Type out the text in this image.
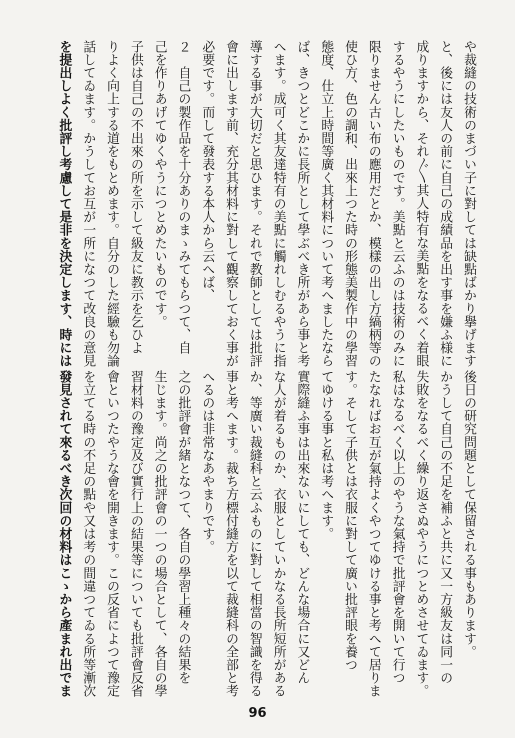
や裁縫の技術のまづい子に對しては缺點ばかり擧げます
と、後には友人の前に自己の成績品を出す事を嫌ふ様に
成りますから、それ〴〵其人特有な美點をなるべく着眼
するやうにしたいものです。美點と云ふのは技術のみに
限りません古い布の應用だとか、模樣の出し方縞柄等の
使ひ方、色の調和、出來上つた時の形態美製作中の學習
態度、仕立上時間等廣く其材料について考へましたなら
ば、きつとどこかに長所として學ぶべき所があら事と考
へます。成可く其友達特有の美點に觸れしむるやうに指
導する事が大切だと思ひます。それで教師としては批評
會に出します前、充分其材料に對して觀察しておく事が
必要です。而して發表する本人から云へば、
２　自己の製作品を十分ありのまゝみてもらつて、自
己を作りあげてゆくやうにつとめたいものです。
子供は自己の不出來の所を示して級友に教示を乞ひよ
りよく向上する道をもとめます。自分のした經驗も勿論
話してゐます。かうしてお互が一所になつて改良の意見
を提出しよく批評し考慮して是非を決定します、時には
後日の研究問題として保留される事もあります。
かうして自己の不足を補ふと共に又一方級友は同一の
失敗をなるべく繰り返さぬやうにつとめさせてゐます。
私はなるべく以上のやうな氣持で批評會を開いて行つ
たなればお互が氣持よくやつてゆける事と考へて居りま
す。そして子供とは衣服に對して廣い批評眼を養つ
てゆける事と私は考へます。
實際縫ふ事は出來ないにしても、どんな場合に又どん
な人が着るものか、衣服としていかなる長所短所がある
か、等廣い裁縫科と云ふものに對して相當の智識を得る
事と考へます。裁ち方標付縫方を以て裁縫科の全部と考
へるのは非常なあやまりです。
之の批評會が緒となつて、各自の學習上種々の結果を
生じます。尚之の批評會の一つの場合として、各自の學
習材料の豫定及び實行上の結果等についても批評會反省
會といつたやうな會を開きます。この反省によつて豫定
を立てる時の不足の點や又は考の間違つてゐる所等漸次
發見されて來るべき次回の材料はこゝから產まれ出でま
96
